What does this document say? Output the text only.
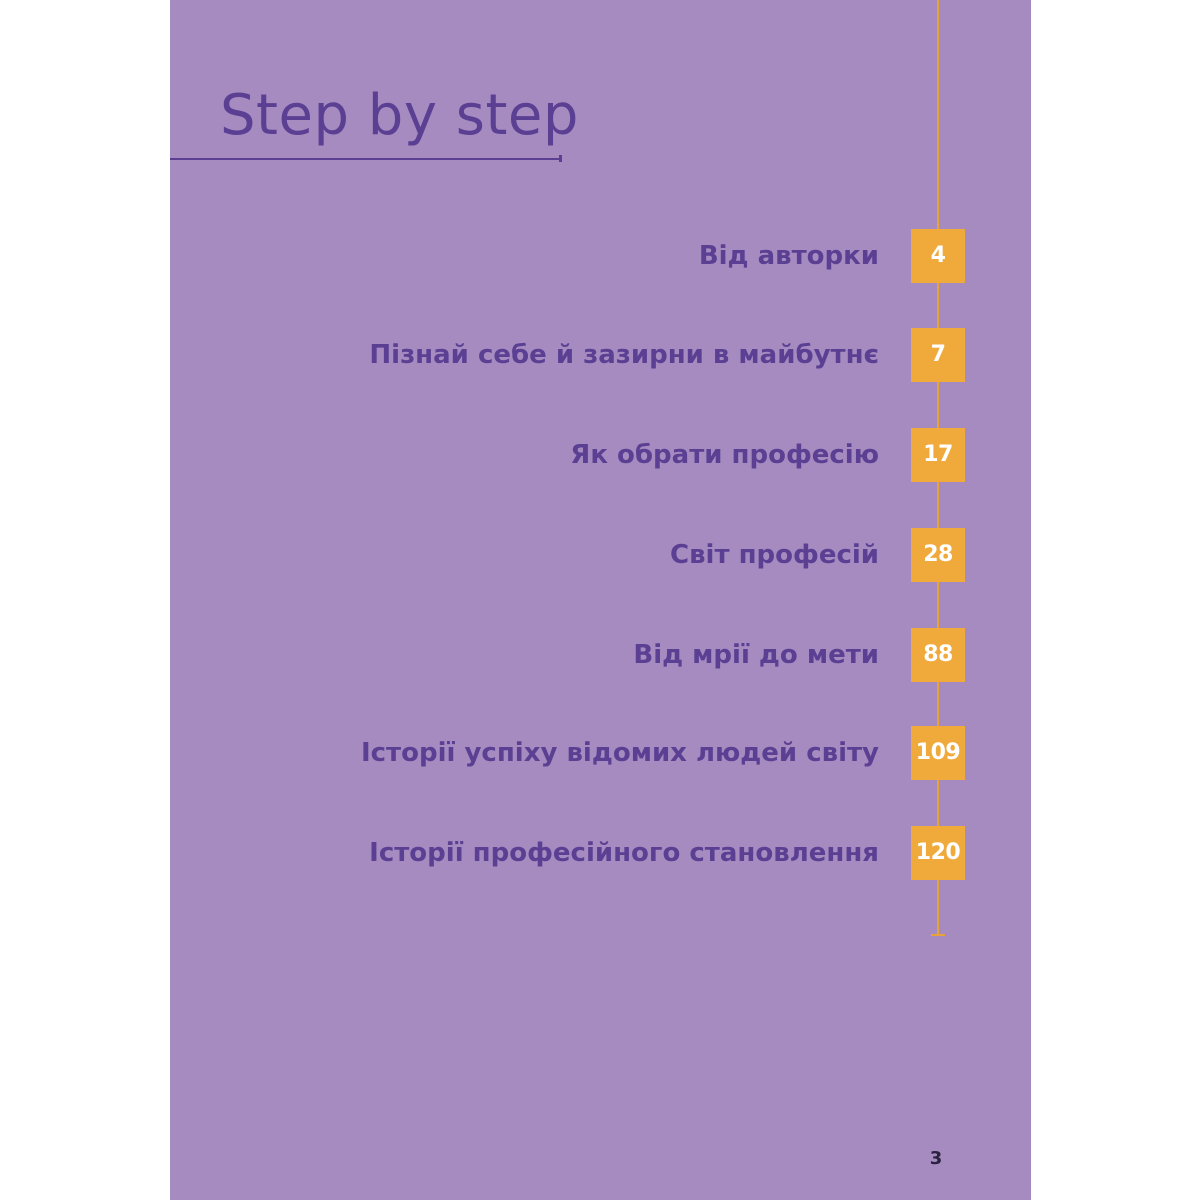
Step by step
Від авторки	4
Пізнай себе й зазирни в майбутнє	7
Як обрати професію	17
Світ професій	28
Від мрії до мети	88
Історії успіху відомих людей світу 109
Історії професійного становлення 120
3
